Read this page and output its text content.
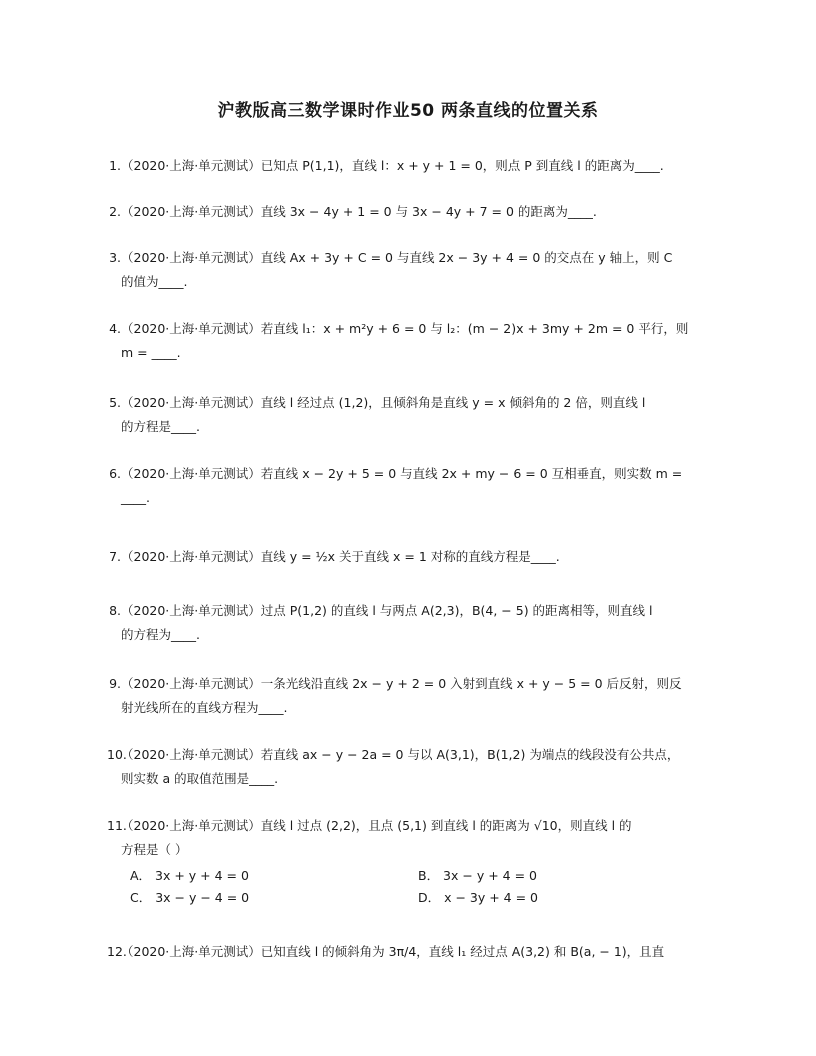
沪教版高三数学课时作业50 两条直线的位置关系
1. （2020·上海·单元测试）已知点 P(1,1)，直线 l：x + y + 1 = 0，则点 P 到直线 l 的距离为____.
2. （2020·上海·单元测试）直线 3x − 4y + 1 = 0 与 3x − 4y + 7 = 0 的距离为____.
3. （2020·上海·单元测试）直线 Ax + 3y + C = 0 与直线 2x − 3y + 4 = 0 的交点在 y 轴上，则 C
的值为____.
4. （2020·上海·单元测试）若直线 l₁：x + m²y + 6 = 0 与 l₂：(m − 2)x + 3my + 2m = 0 平行，则
m = ____.
5. （2020·上海·单元测试）直线 l 经过点 (1,2)，且倾斜角是直线 y = x 倾斜角的 2 倍，则直线 l
的方程是____.
6. （2020·上海·单元测试）若直线 x − 2y + 5 = 0 与直线 2x + my − 6 = 0 互相垂直，则实数 m =
____.
7. （2020·上海·单元测试）直线 y = ½x 关于直线 x = 1 对称的直线方程是____.
8. （2020·上海·单元测试）过点 P(1,2) 的直线 l 与两点 A(2,3)，B(4, − 5) 的距离相等，则直线 l
的方程为____.
9. （2020·上海·单元测试）一条光线沿直线 2x − y + 2 = 0 入射到直线 x + y − 5 = 0 后反射，则反
射光线所在的直线方程为____.
10.
（2020·上海·单元测试）若直线 ax − y − 2a = 0 与以 A(3,1)，B(1,2) 为端点的线段没有公共点，
则实数 a 的取值范围是____.
11.
（2020·上海·单元测试）直线 l 过点 (2,2)，且点 (5,1) 到直线 l 的距离为 √10，则直线 l 的
方程是（ ）
A． 3x + y + 4 = 0	B． 3x − y + 4 = 0
C． 3x − y − 4 = 0	D． x − 3y + 4 = 0
12.
（2020·上海·单元测试）已知直线 l 的倾斜角为 3π/4，直线 l₁ 经过点 A(3,2) 和 B(a, − 1)，且直
